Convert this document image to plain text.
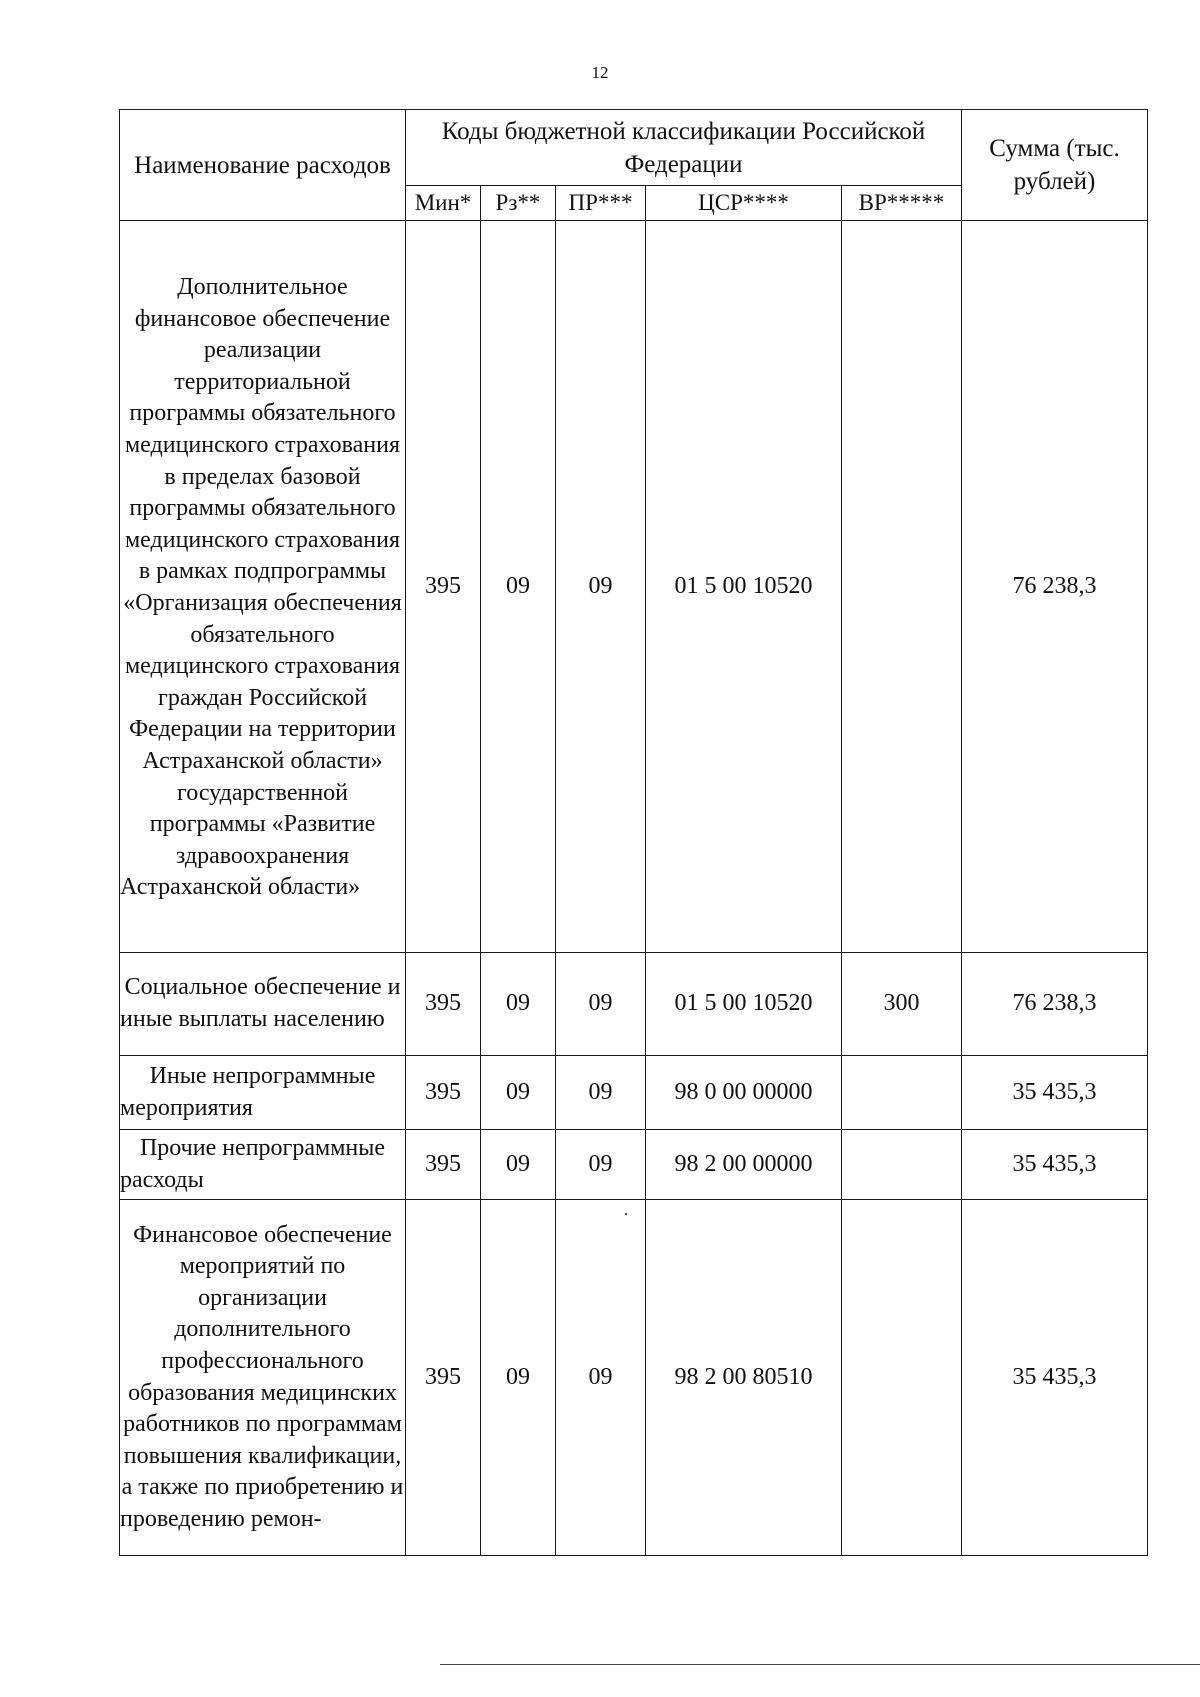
12
Наименование расходов	Коды бюджетной классификации Российской Федерации					Сумма (тыс. рублей)
	Мин*	Рз**	ПР***	ЦСР****	ВР*****	
Дополнительное финансовое обеспечение реализации территориальной программы обязательного медицинского страхования в пределах базовой программы обязательного медицинского страхования в рамках подпрограммы «Организация обеспечения обязательного медицинского страхования граждан Российской Федерации на территории Астраханской области» государственной программы «Развитие здравоохранения Астраханской области»	395	09	09	01 5 00 10520		76 238,3
Социальное обеспечение и иные выплаты населению	395	09	09	01 5 00 10520	300	76 238,3
Иные непрограммные мероприятия	395	09	09	98 0 00 00000		35 435,3
Прочие непрограммные расходы	395	09	09	98 2 00 00000		35 435,3
Финансовое обеспечение мероприятий по организации дополнительного профессионального образования медицинских работников по программам повышения квалификации, а также по приобретению и проведению ремон-	395	09	09	98 2 00 80510		35 435,3
